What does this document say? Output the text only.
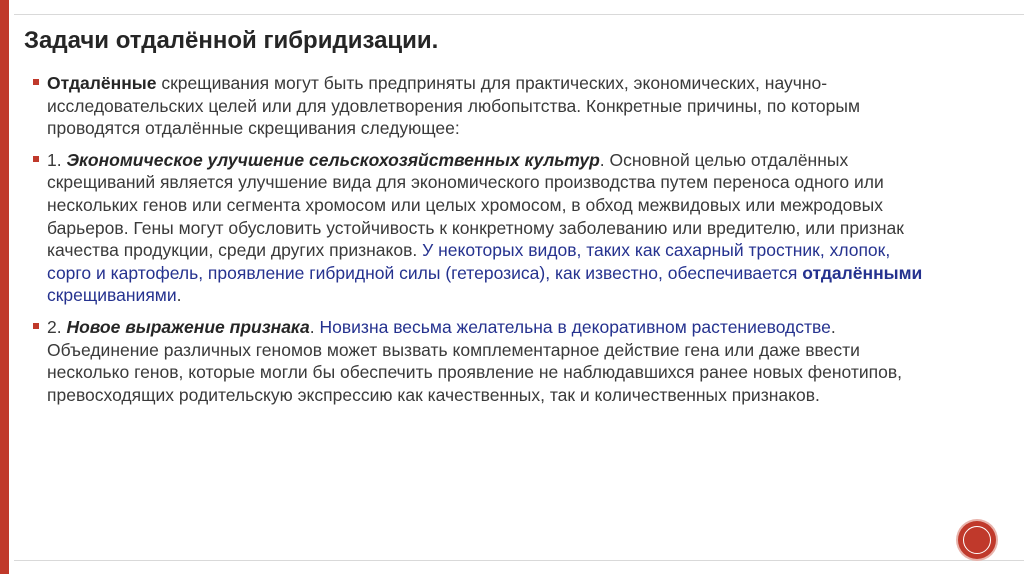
Задачи отдалённой гибридизации.

Отдалённые скрещивания могут быть предприняты для практических, экономических, научно-исследовательских целей или для удовлетворения любопытства. Конкретные причины, по которым проводятся отдалённые скрещивания следующее:

1. Экономическое улучшение сельскохозяйственных культур. Основной целью отдалённых скрещиваний является улучшение вида для экономического производства путем переноса одного или нескольких генов или сегмента хромосом или целых хромосом, в обход межвидовых или межродовых барьеров. Гены могут обусловить устойчивость к конкретному заболеванию или вредителю, или признак качества продукции, среди других признаков. У некоторых видов, таких как сахарный тростник, хлопок, сорго и картофель, проявление гибридной силы (гетерозиса), как известно, обеспечивается отдалёнными скрещиваниями.

2. Новое выражение признака. Новизна весьма желательна в декоративном растениеводстве. Объединение различных геномов может вызвать комплементарное действие гена или даже ввести несколько генов, которые могли бы обеспечить проявление не наблюдавшихся ранее новых фенотипов, превосходящих родительскую экспрессию как качественных, так и количественных признаков.
